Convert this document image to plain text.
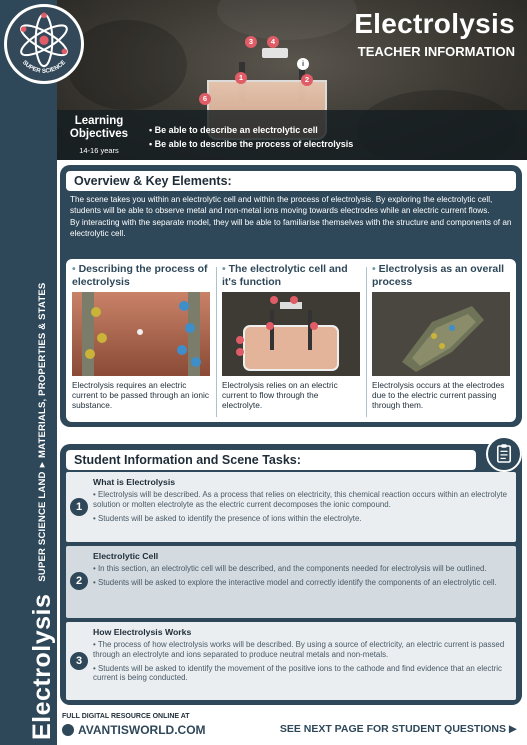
Electrolysis
SUPER SCIENCE LAND
▶
MATERIALS, PROPERTIES & STATES
SUPER SCIENCE
3	4
i
1	2
6
Electrolysis
TEACHER INFORMATION
Learning Objectives
14-16 years
• Be able to describe an electrolytic cell
• Be able to describe the process of electrolysis
Overview & Key Elements:

The scene takes you within an electrolytic cell and within the process of electrolysis. By exploring the electrolytic cell, students will be able to observe metal and non-metal ions moving towards electrodes while an electric current flows.

By interacting with the separate model, they will be able to familiarise themselves with the structure and components of an electrolytic cell.

• Describing the process of electrolysis
Electrolysis requires an electric current to be passed through an ionic substance.
• The electrolytic cell and it's function
Electrolysis relies on an electric current to flow through the electrolyte.
• Electrolysis as an overall process
Electrolysis occurs at the electrodes due to the electric current passing through them.
Student Information and Scene Tasks:
1
What is Electrolysis
• Electrolysis will be described. As a process that relies on electricity, this chemical reaction occurs within an electrolyte solution or molten electrolyte as the electric current decomposes the ionic compound.
• Students will be asked to identify the presence of ions within the electrolyte.
2
Electrolytic Cell
• In this section, an electrolytic cell will be described, and the components needed for electrolysis will be outlined.
• Students will be asked to explore the interactive model and correctly identify the components of an electrolytic cell.
3
How Electrolysis Works
• The process of how electrolysis works will be described. By using a source of electricity, an electric current is passed through an electrolyte and ions separated to produce neutral metals and non-metals.
• Students will be asked to identify the movement of the positive ions to the cathode and find evidence that an electric current is being conducted.
FULL DIGITAL RESOURCE ONLINE AT
AVANTISWORLD.COM	SEE NEXT PAGE FOR STUDENT QUESTIONS ▶
